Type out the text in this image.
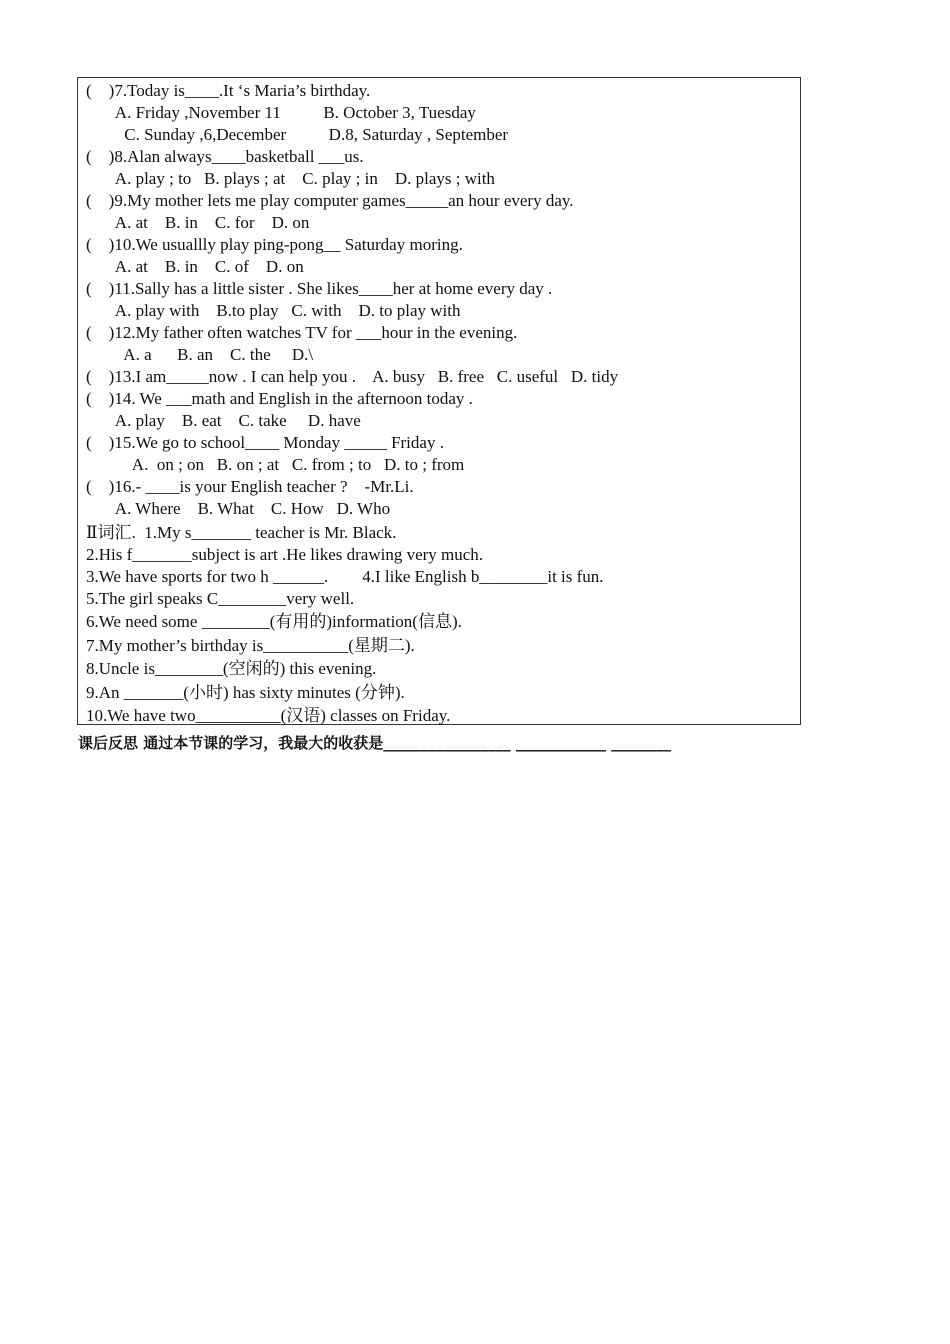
(    )7.Today is____.It ‘s Maria’s birthday.
A. Friday ,November 11          B. October 3, Tuesday
C. Sunday ,6,December          D.8, Saturday , September
(    )8.Alan always____basketball ___us.
A. play ; to   B. plays ; at    C. play ; in    D. plays ; with
(    )9.My mother lets me play computer games_____an hour every day.
A. at    B. in    C. for    D. on
(    )10.We usuallly play ping-pong__ Saturday moring.
A. at    B. in    C. of    D. on
(    )11.Sally has a little sister . She likes____her at home every day .
A. play with    B.to play   C. with    D. to play with
(    )12.My father often watches TV for ___hour in the evening.
A. a      B. an    C. the     D.\
(    )13.I am_____now . I can help you .    A. busy   B. free   C. useful   D. tidy
(    )14. We ___math and English in the afternoon today .
A. play    B. eat    C. take     D. have
(    )15.We go to school____ Monday _____ Friday .
A.  on ; on   B. on ; at   C. from ; to   D. to ; from
(    )16.- ____is your English teacher ?    -Mr.Li.
A. Where    B. What    C. How   D. Who
Ⅱ词汇.  1.My s_______ teacher is Mr. Black.
2.His f_______subject is art .He likes drawing very much.
3.We have sports for two h ______.        4.I like English b________it is fun.
5.The girl speaks C________very well.
6.We need some ________(有用的)information(信息).
7.My mother’s birthday is__________(星期二).
8.Uncle is________(空闲的) this evening.
9.An _______(小时) has sixty minutes (分钟).
10.We have two__________(汉语) classes on Friday.
课后反思 通过本节课的学习，我最大的收获是_________________ ____________ ________
